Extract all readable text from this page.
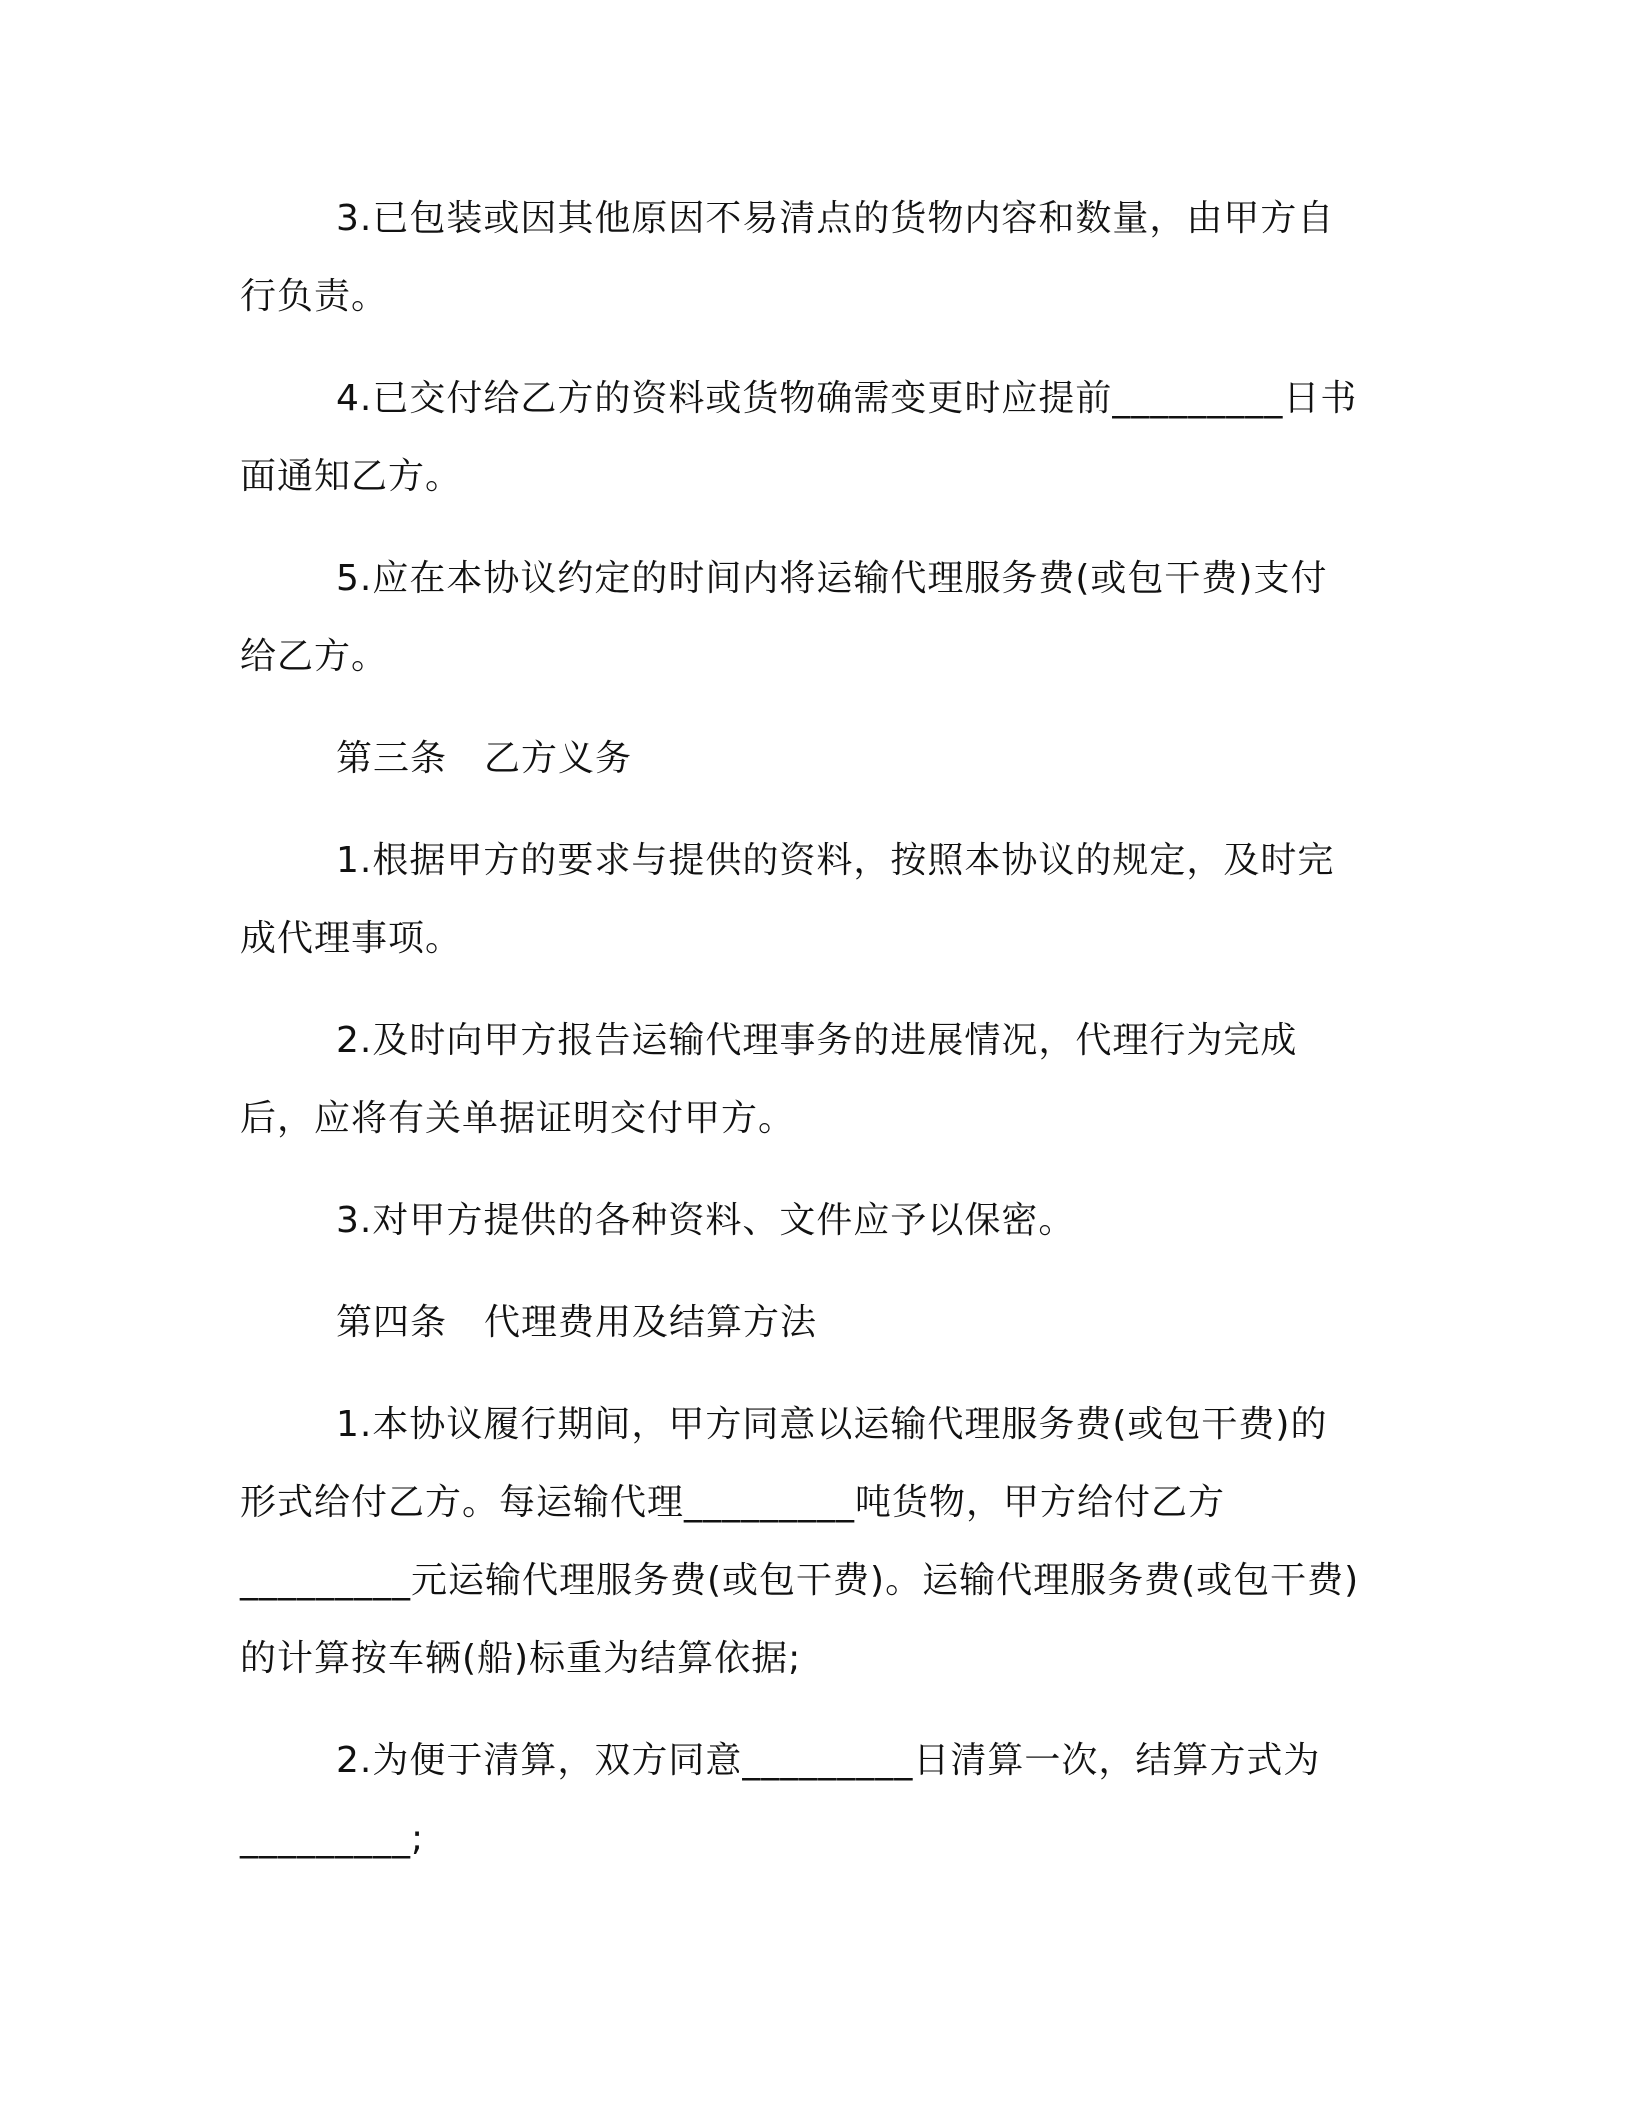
3.已包装或因其他原因不易清点的货物内容和数量，由甲方自行负责。

4.已交付给乙方的资料或货物确需变更时应提前_________日书面通知乙方。

5.应在本协议约定的时间内将运输代理服务费(或包干费)支付给乙方。

第三条　乙方义务

1.根据甲方的要求与提供的资料，按照本协议的规定，及时完成代理事项。

2.及时向甲方报告运输代理事务的进展情况，代理行为完成后，应将有关单据证明交付甲方。

3.对甲方提供的各种资料、文件应予以保密。

第四条　代理费用及结算方法

1.本协议履行期间，甲方同意以运输代理服务费(或包干费)的形式给付乙方。每运输代理_________吨货物，甲方给付乙方_________元运输代理服务费(或包干费)。运输代理服务费(或包干费)的计算按车辆(船)标重为结算依据;

2.为便于清算，双方同意_________日清算一次，结算方式为_________;
